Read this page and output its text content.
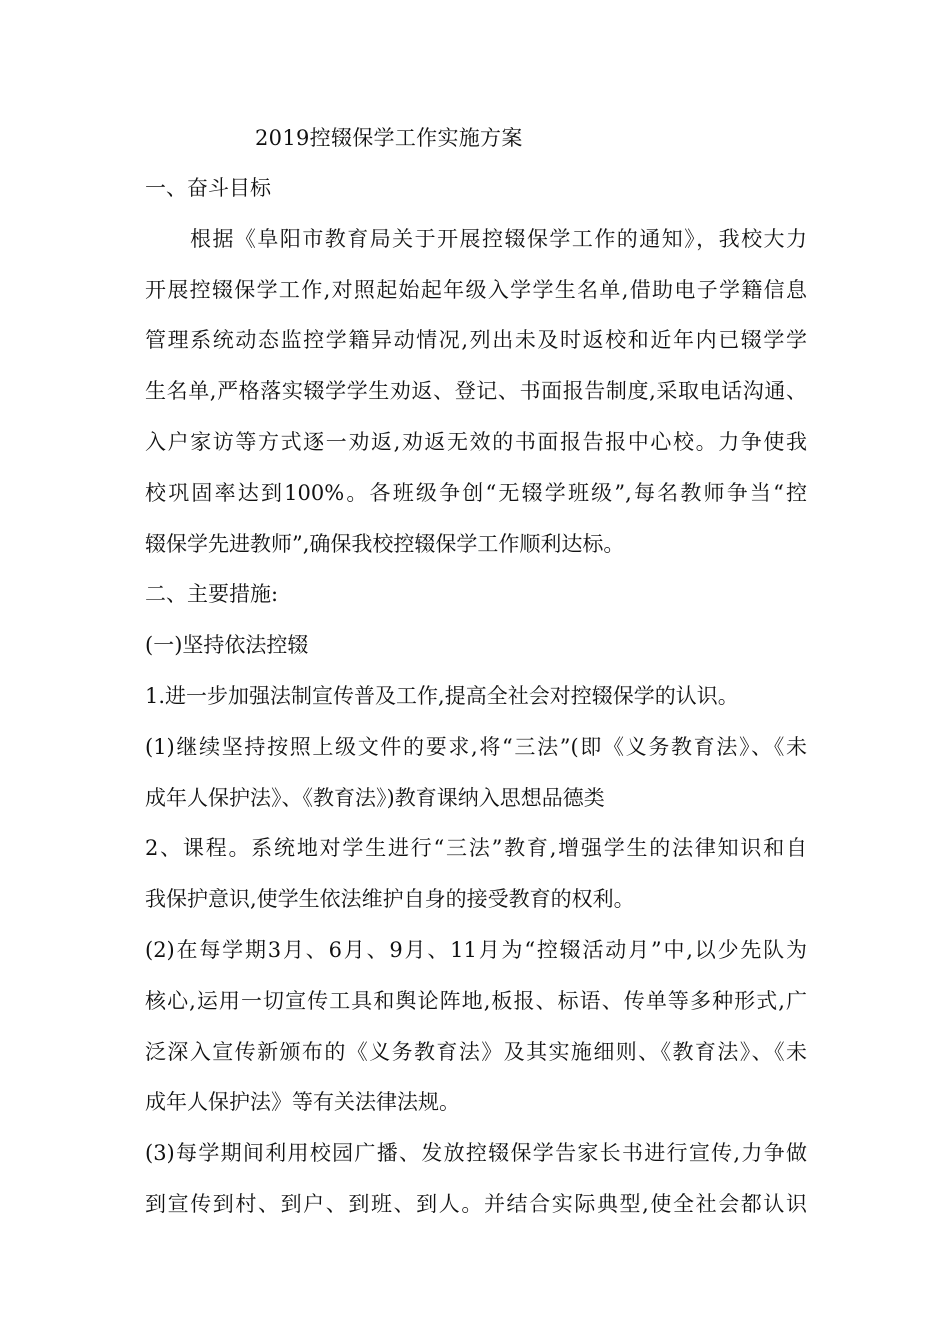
2019控辍保学工作实施方案
一、奋斗目标
根据《阜阳市教育局关于开展控辍保学工作的通知》，我校大力
开展控辍保学工作,对照起始起年级入学学生名单,借助电子学籍信息
管理系统动态监控学籍异动情况,列出未及时返校和近年内已辍学学
生名单,严格落实辍学学生劝返、登记、书面报告制度,采取电话沟通、
入户家访等方式逐一劝返,劝返无效的书面报告报中心校。力争使我
校巩固率达到100%。各班级争创“无辍学班级”,每名教师争当“控
辍保学先进教师”,确保我校控辍保学工作顺利达标。
二、主要措施:
(一)坚持依法控辍
1.进一步加强法制宣传普及工作,提高全社会对控辍保学的认识。
(1)继续坚持按照上级文件的要求,将“三法”(即《义务教育法》、《未
成年人保护法》、《教育法》)教育课纳入思想品德类
2、课程。系统地对学生进行“三法”教育,增强学生的法律知识和自
我保护意识,使学生依法维护自身的接受教育的权利。
(2)在每学期3月、6月、9月、11月为“控辍活动月”中,以少先队为
核心,运用一切宣传工具和舆论阵地,板报、标语、传单等多种形式,广
泛深入宣传新颁布的《义务教育法》及其实施细则、《教育法》、《未
成年人保护法》等有关法律法规。
(3)每学期间利用校园广播、发放控辍保学告家长书进行宣传,力争做
到宣传到村、到户、到班、到人。并结合实际典型,使全社会都认识
